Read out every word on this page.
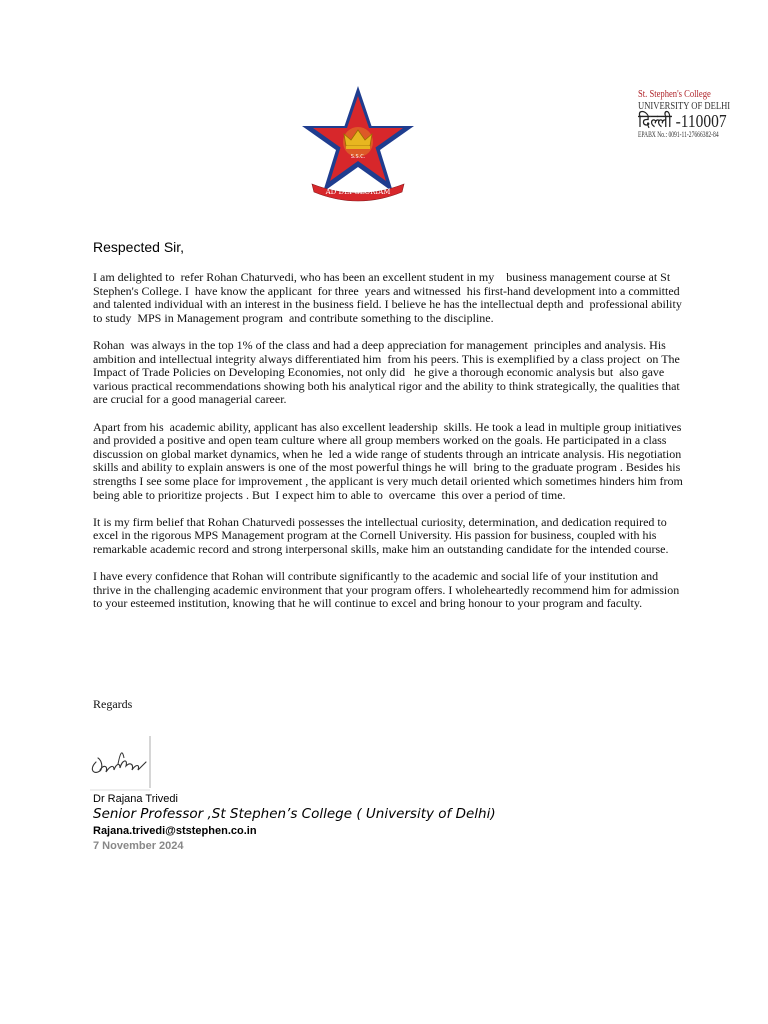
S.S.C.
AD DEI GLORIAM
St. Stephen's College
UNIVERSITY OF DELHI
दिल्ली -110007
EPABX No.: 0091-11-27666382-84
Respected Sir,

I am delighted to  refer Rohan Chaturvedi, who has been an excellent student in my    business management course at St Stephen's College. I  have know the applicant  for three  years and witnessed  his first-hand development into a committed  and talented individual with an interest in the business field. I believe he has the intellectual depth and  professional ability to study  MPS in Management program  and contribute something to the discipline.

Rohan  was always in the top 1% of the class and had a deep appreciation for management  principles and analysis. His  ambition and intellectual integrity always differentiated him  from his peers. This is exemplified by a class project  on The Impact of Trade Policies on Developing Economies, not only did   he give a thorough economic analysis but  also gave  various practical recommendations showing both his analytical rigor and the ability to think strategically, the qualities that are crucial for a good managerial career.

Apart from his  academic ability, applicant has also excellent leadership  skills. He took a lead in multiple group initiatives and provided a positive and open team culture where all group members worked on the goals. He participated in a class  discussion on global market dynamics, when he  led a wide range of students through an intricate analysis. His negotiation skills and ability to explain answers is one of the most powerful things he will  bring to the graduate program . Besides his strengths I see some place for improvement , the applicant is very much detail oriented which sometimes hinders him from being able to prioritize projects . But  I expect him to able to  overcame  this over a period of time.

It is my firm belief that Rohan Chaturvedi possesses the intellectual curiosity, determination, and dedication required to excel in the rigorous MPS Management program at the Cornell University. His passion for business, coupled with his remarkable academic record and strong interpersonal skills, make him an outstanding candidate for the intended course.

I have every confidence that Rohan will contribute significantly to the academic and social life of your institution and thrive in the challenging academic environment that your program offers. I wholeheartedly recommend him for admission to your esteemed institution, knowing that he will continue to excel and bring honour to your program and faculty.

Regards
Dr Rajana Trivedi
Senior Professor ,St Stephen’s College ( University of Delhi)
Rajana.trivedi@ststephen.co.in
7 November 2024
